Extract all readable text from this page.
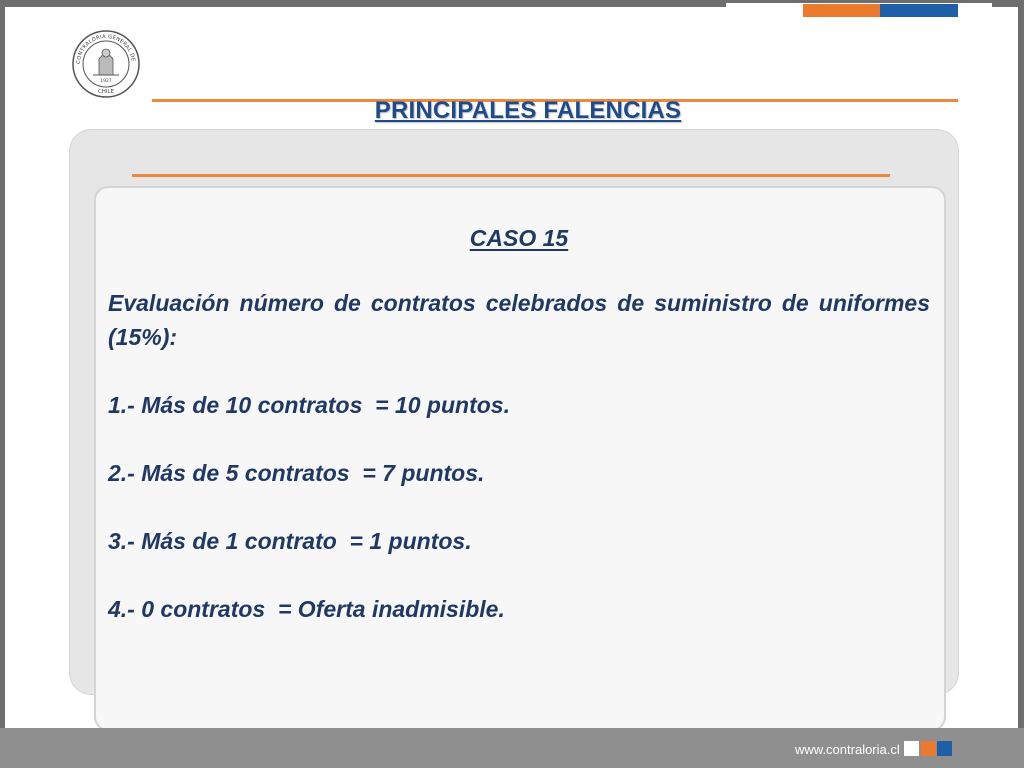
CONTRALORIA GENERAL DE
CHILE
1927
PRINCIPALES FALENCIAS
CASO 15
Evaluación número de contratos celebrados de suministro de uniformes (15%):
1.- Más de 10 contratos  = 10 puntos.
2.- Más de 5 contratos  = 7 puntos.
3.- Más de 1 contrato  = 1 puntos.
4.- 0 contratos  = Oferta inadmisible.
www.contraloria.cl
